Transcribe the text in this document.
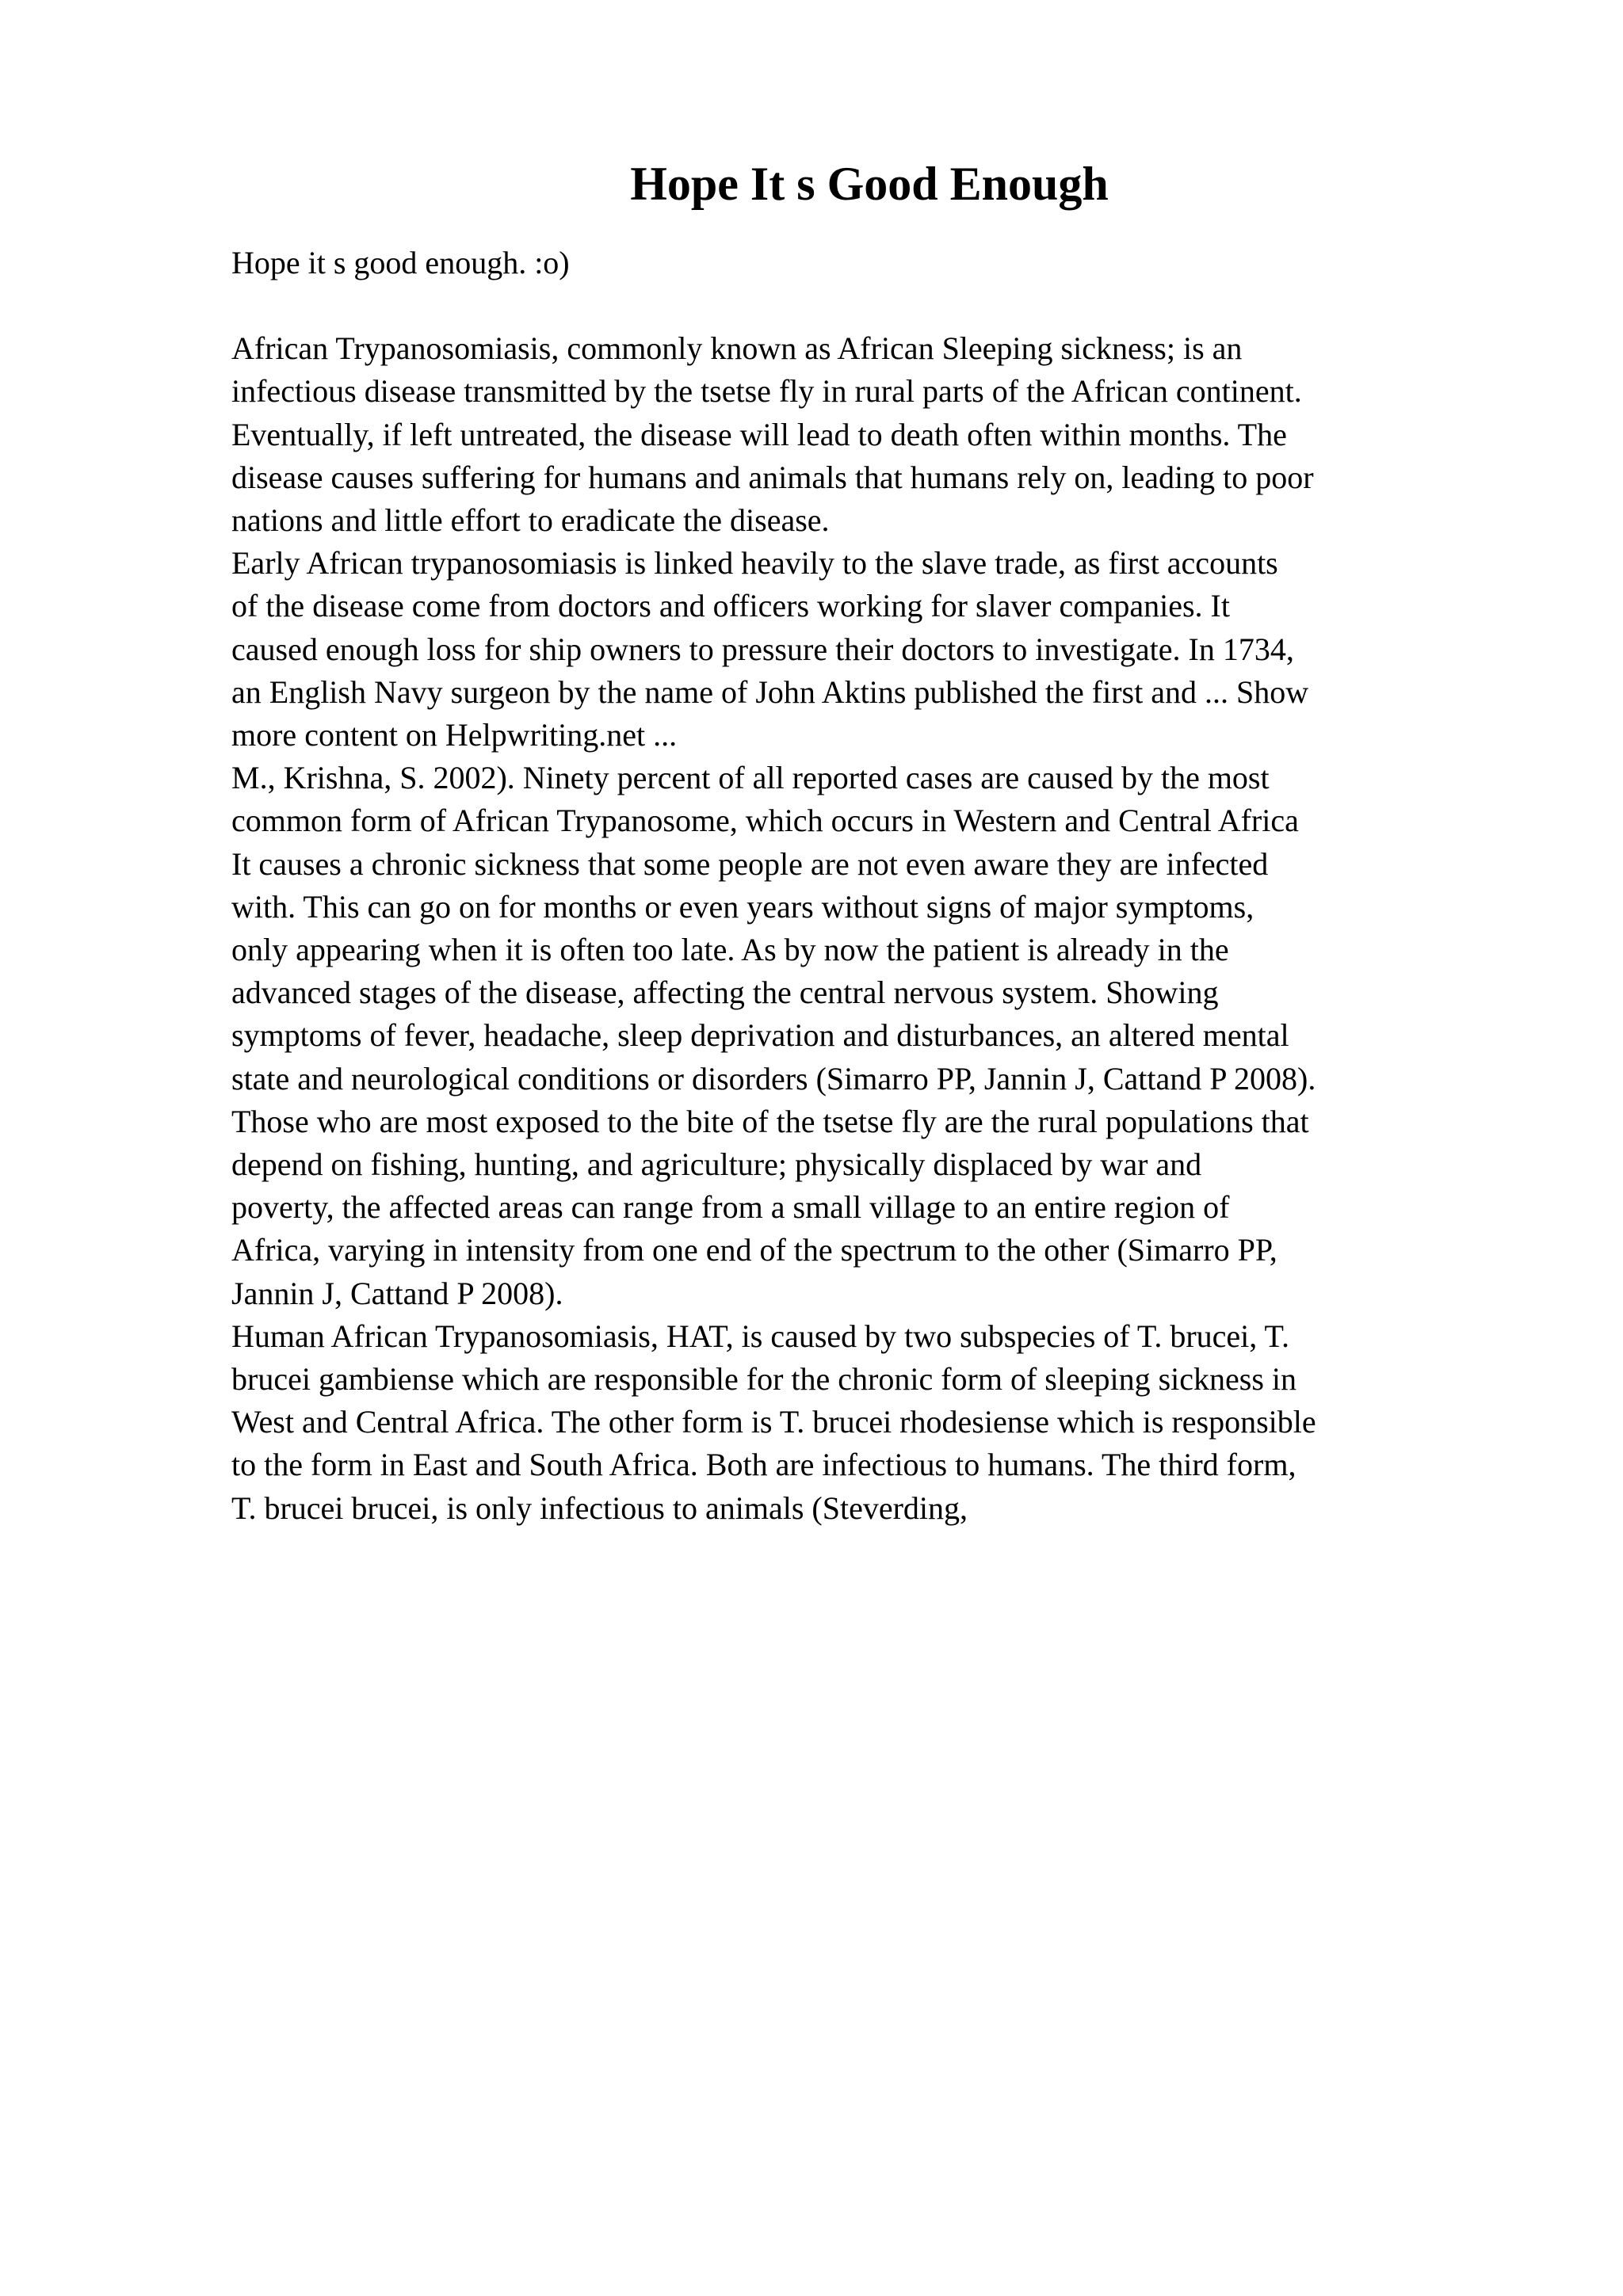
Hope It s Good Enough

Hope it s good enough. :o)

African Trypanosomiasis, commonly known as African Sleeping sickness; is an

infectious disease transmitted by the tsetse fly in rural parts of the African continent.

Eventually, if left untreated, the disease will lead to death often within months. The

disease causes suffering for humans and animals that humans rely on, leading to poor

nations and little effort to eradicate the disease.

Early African trypanosomiasis is linked heavily to the slave trade, as first accounts

of the disease come from doctors and officers working for slaver companies. It

caused enough loss for ship owners to pressure their doctors to investigate. In 1734,

an English Navy surgeon by the name of John Aktins published the first and ... Show

more content on Helpwriting.net ...

M., Krishna, S. 2002). Ninety percent of all reported cases are caused by the most

common form of African Trypanosome, which occurs in Western and Central Africa

It causes a chronic sickness that some people are not even aware they are infected

with. This can go on for months or even years without signs of major symptoms,

only appearing when it is often too late. As by now the patient is already in the

advanced stages of the disease, affecting the central nervous system. Showing

symptoms of fever, headache, sleep deprivation and disturbances, an altered mental

state and neurological conditions or disorders (Simarro PP, Jannin J, Cattand P 2008).

Those who are most exposed to the bite of the tsetse fly are the rural populations that

depend on fishing, hunting, and agriculture; physically displaced by war and

poverty, the affected areas can range from a small village to an entire region of

Africa, varying in intensity from one end of the spectrum to the other (Simarro PP,

Jannin J, Cattand P 2008).

Human African Trypanosomiasis, HAT, is caused by two subspecies of T. brucei, T.

brucei gambiense which are responsible for the chronic form of sleeping sickness in

West and Central Africa. The other form is T. brucei rhodesiense which is responsible

to the form in East and South Africa. Both are infectious to humans. The third form,

T. brucei brucei, is only infectious to animals (Steverding,
